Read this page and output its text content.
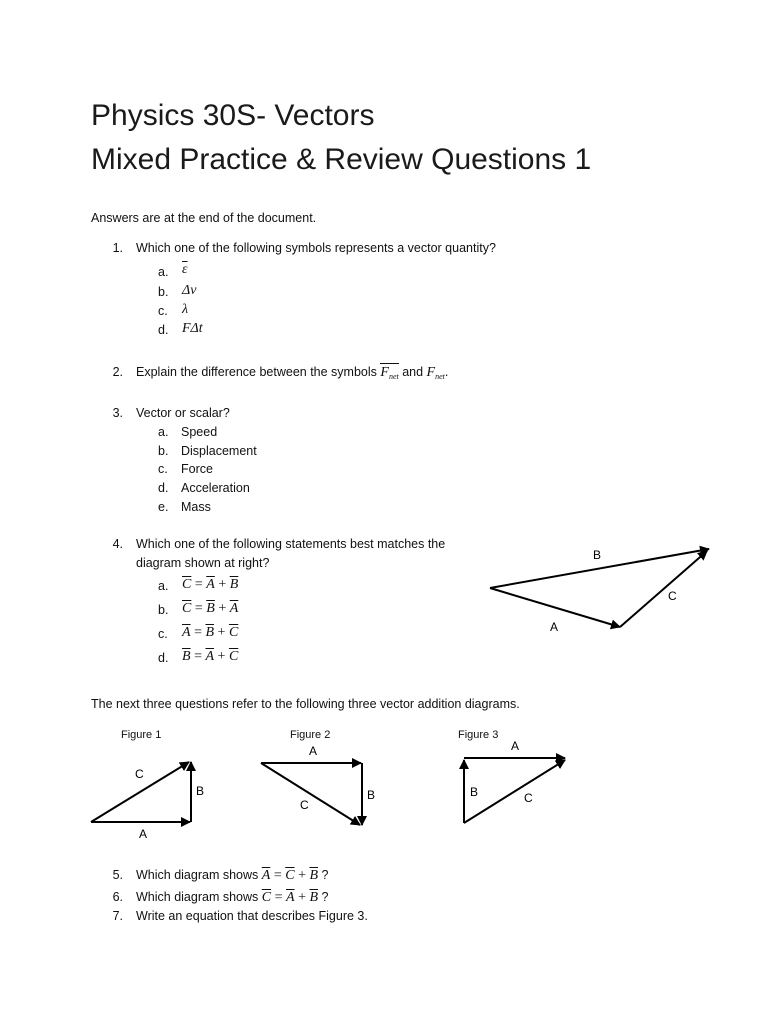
Physics 30S- Vectors
Mixed Practice & Review Questions 1
Answers are at the end of the document.
1. Which one of the following symbols represents a vector quantity?
a. $\overline{\varepsilon}$
b. Δv
c.	λ
d. FΔt
2. Explain the difference between the symbols $F_{net}$ and $F_{net}$.
3. Vector or scalar?
a.	Speed
b.	Displacement
c.	Force
d.	Acceleration
e.	Mass
4. Which one of the following statements best matches the
diagram shown at right?
a. $\overline{C} = \overline{A} + \overline{B}$
b. $\overline{C} = \overline{B} + \overline{A}$
c.	$\overline{A} = \overline{B} + \overline{C}$
d. $\overline{B} = \overline{A} + \overline{C}$
A
B
C
The next three questions refer to the following three vector addition diagrams.
Figure 1
A
B
C
Figure 2
A
B
C
Figure 3
A
B	C
5. Which diagram shows $\overline{A} = \overline{C} + \overline{B}$ ?
6. Which diagram shows $\overline{C} = \overline{A} + \overline{B}$ ?
7. Write an equation that describes Figure 3.
